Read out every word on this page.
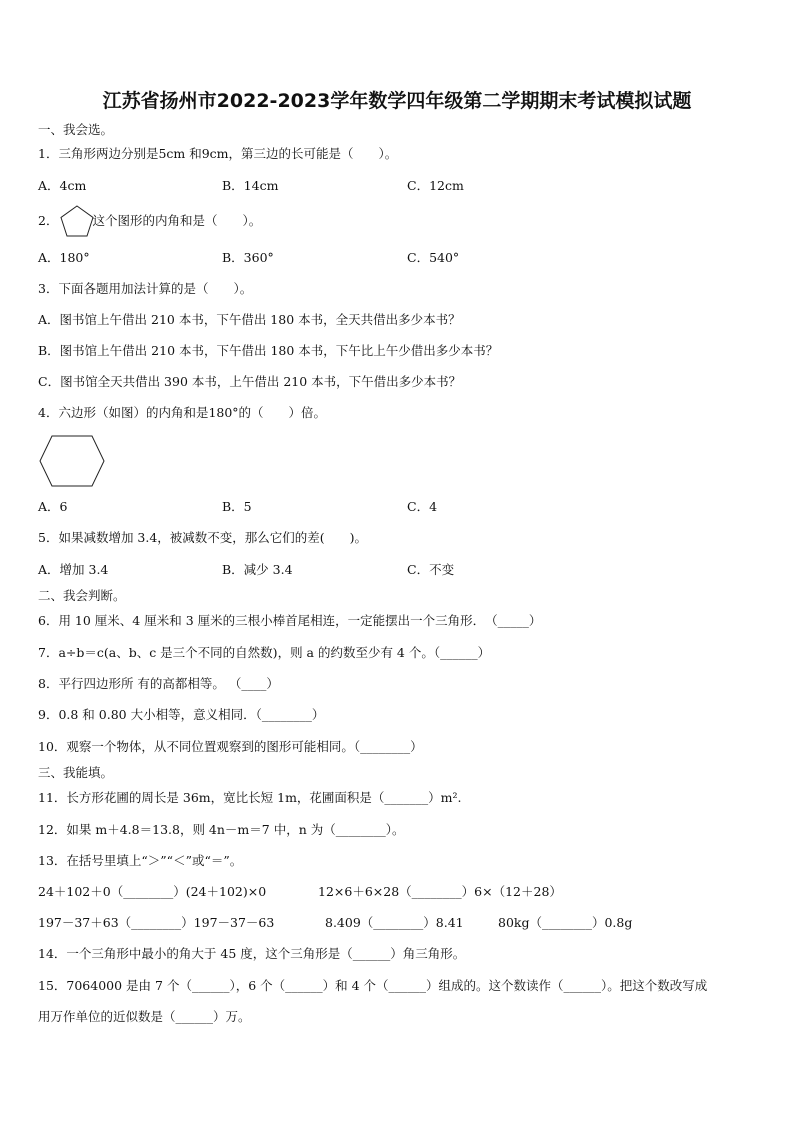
江苏省扬州市2022-2023学年数学四年级第二学期期末考试模拟试题
一、我会选。
1．三角形两边分别是5cm 和9cm，第三边的长可能是（　　）。
A．4cm	B．14cm	C．12cm
2．	这个图形的内角和是（　　）。
A．180°	B．360°	C．540°
3．下面各题用加法计算的是（　　）。
A．图书馆上午借出 210 本书，下午借出 180 本书，全天共借出多少本书？
B．图书馆上午借出 210 本书，下午借出 180 本书，下午比上午少借出多少本书？
C．图书馆全天共借出 390 本书，上午借出 210 本书，下午借出多少本书？
4．六边形（如图）的内角和是180°的（　　）倍。
A．6	B．5	C．4
5．如果减数增加 3.4，被减数不变，那么它们的差(　　)。
A．增加 3.4	B．减少 3.4	C．不变
二、我会判断。
6．用 10 厘米、4 厘米和 3 厘米的三根小棒首尾相连，一定能摆出一个三角形．　（_____）
7．a÷b＝c(a、b、c 是三个不同的自然数)，则 a 的约数至少有 4 个。（______）
8．平行四边形所 有的高都相等。 （____）
9．0.8 和 0.80 大小相等，意义相同．（________）
10．观察一个物体，从不同位置观察到的图形可能相同。（________）
三、我能填。
11．长方形花圃的周长是 36m，宽比长短 1m，花圃面积是（_______）m².
12．如果 m＋4.8＝13.8，则 4n－m＝7 中，n 为（________）。
13．在括号里填上“＞”“＜”或“＝”。
24＋102＋0（________）(24＋102)×0	12×6＋6×28（________）6×（12＋28）
197－37＋63（________）197－37－63	8.409（________）8.41	80kg（________）0.8g
14．一个三角形中最小的角大于 45 度，这个三角形是（______）角三角形。
15．7064000 是由 7 个（______），6 个（______）和 4 个（______）组成的。这个数读作（______）。把这个数改写成
用万作单位的近似数是（______）万。
